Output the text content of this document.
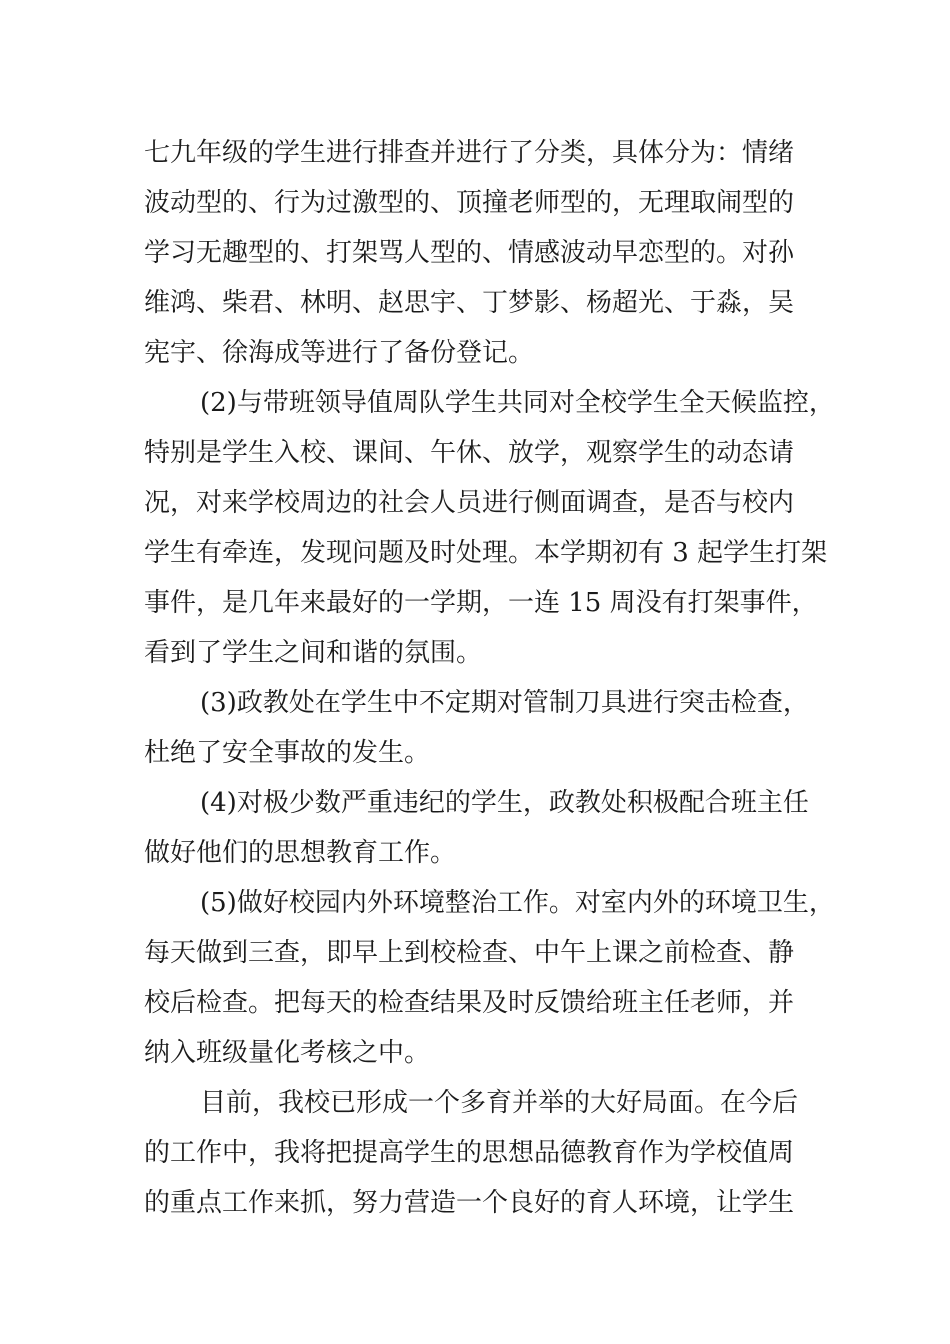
七九年级的学生进行排查并进行了分类，具体分为：情绪
波动型的、行为过激型的、顶撞老师型的，无理取闹型的
学习无趣型的、打架骂人型的、情感波动早恋型的。对孙
维鸿、柴君、林明、赵思宇、丁梦影、杨超光、于淼，吴
宪宇、徐海成等进行了备份登记。
(2)与带班领导值周队学生共同对全校学生全天候监控，
特别是学生入校、课间、午休、放学，观察学生的动态请
况，对来学校周边的社会人员进行侧面调查，是否与校内
学生有牵连，发现问题及时处理。本学期初有 3 起学生打架
事件，是几年来最好的一学期，一连 15 周没有打架事件，
看到了学生之间和谐的氛围。
(3)政教处在学生中不定期对管制刀具进行突击检查，
杜绝了安全事故的发生。
(4)对极少数严重违纪的学生，政教处积极配合班主任
做好他们的思想教育工作。
(5)做好校园内外环境整治工作。对室内外的环境卫生，
每天做到三查，即早上到校检查、中午上课之前检查、静
校后检查。把每天的检查结果及时反馈给班主任老师，并
纳入班级量化考核之中。
目前，我校已形成一个多育并举的大好局面。在今后
的工作中，我将把提高学生的思想品德教育作为学校值周
的重点工作来抓，努力营造一个良好的育人环境，让学生
